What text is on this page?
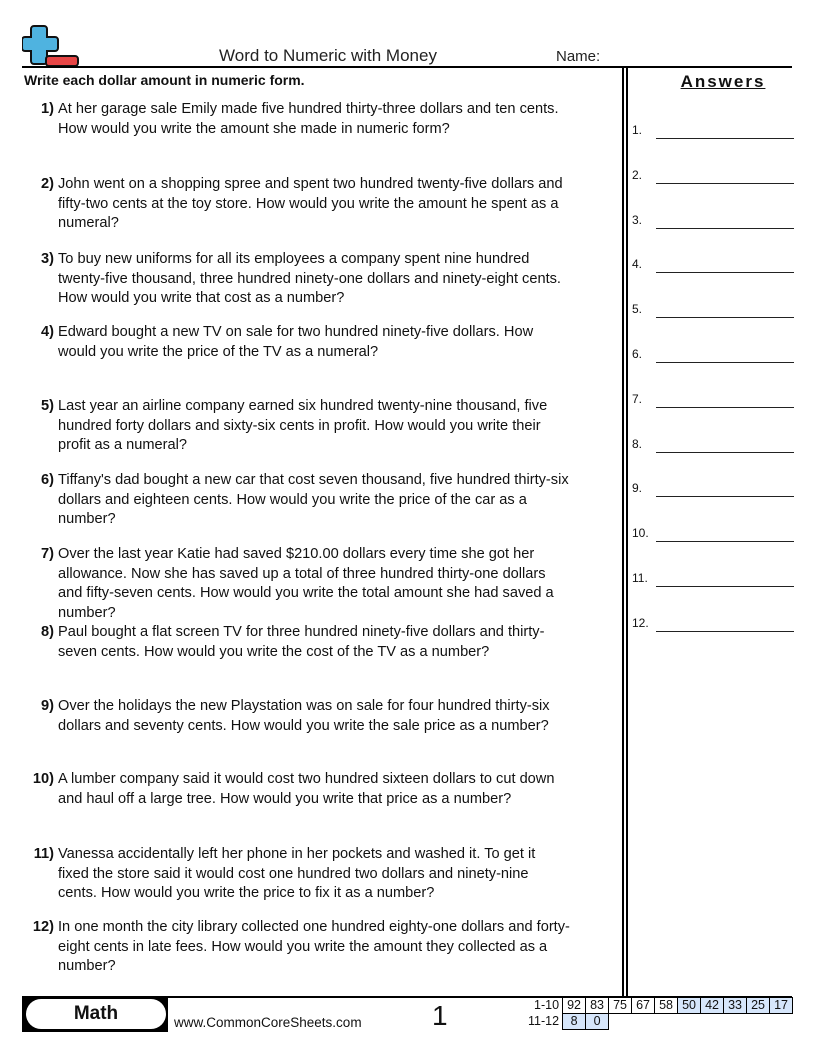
Word to Numeric with Money	Name:
Write each dollar amount in numeric form.
1) At her garage sale Emily made five hundred thirty-three dollars and ten cents.
How would you write the amount she made in numeric form?
2) John went on a shopping spree and spent two hundred twenty-five dollars and
fifty-two cents at the toy store. How would you write the amount he spent as a
numeral?
3) To buy new uniforms for all its employees a company spent nine hundred
twenty-five thousand, three hundred ninety-one dollars and ninety-eight cents.
How would you write that cost as a number?
4) Edward bought a new TV on sale for two hundred ninety-five dollars. How
would you write the price of the TV as a numeral?
5) Last year an airline company earned six hundred twenty-nine thousand, five
hundred forty dollars and sixty-six cents in profit. How would you write their
profit as a numeral?
6) Tiffany's dad bought a new car that cost seven thousand, five hundred thirty-six
dollars and eighteen cents. How would you write the price of the car as a
number?
7) Over the last year Katie had saved $210.00 dollars every time she got her
allowance. Now she has saved up a total of three hundred thirty-one dollars
and fifty-seven cents. How would you write the total amount she had saved a
number?
8) Paul bought a flat screen TV for three hundred ninety-five dollars and thirty-
seven cents. How would you write the cost of the TV as a number?
9) Over the holidays the new Playstation was on sale for four hundred thirty-six
dollars and seventy cents. How would you write the sale price as a number?
10) A lumber company said it would cost two hundred sixteen dollars to cut down
and haul off a large tree. How would you write that price as a number?
11) Vanessa accidentally left her phone in her pockets and washed it. To get it
fixed the store said it would cost one hundred two dollars and ninety-nine
cents. How would you write the price to fix it as a number?
12) In one month the city library collected one hundred eighty-one dollars and forty-
eight cents in late fees. How would you write the amount they collected as a
number?
Answers
1.
2.
3.
4.
5.
6.
7.
8.
9.
10.
11.
12.
Math	www.CommonCoreSheets.com	1	1-10	92	83	75	67	58	50	42	33	25	17
11-12	8	0								
